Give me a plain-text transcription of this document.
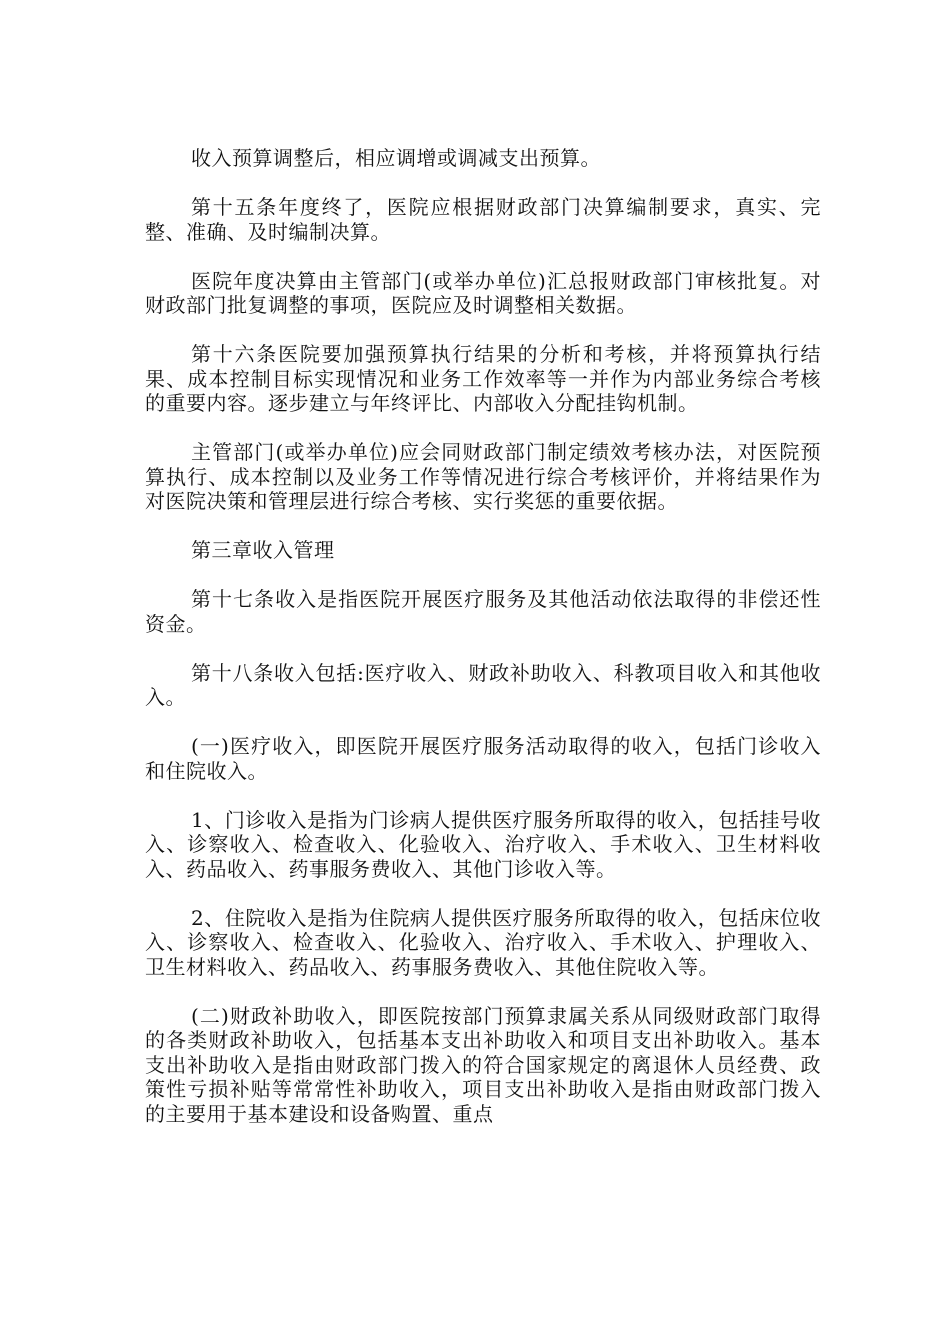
收入预算调整后，相应调增或调减支出预算。

第十五条年度终了，医院应根据财政部门决算编制要求，真实、完整、准确、及时编制决算。

医院年度决算由主管部门(或举办单位)汇总报财政部门审核批复。对财政部门批复调整的事项，医院应及时调整相关数据。

第十六条医院要加强预算执行结果的分析和考核，并将预算执行结果、成本控制目标实现情况和业务工作效率等一并作为内部业务综合考核的重要内容。逐步建立与年终评比、内部收入分配挂钩机制。

主管部门(或举办单位)应会同财政部门制定绩效考核办法，对医院预算执行、成本控制以及业务工作等情况进行综合考核评价，并将结果作为对医院决策和管理层进行综合考核、实行奖惩的重要依据。

第三章收入管理

第十七条收入是指医院开展医疗服务及其他活动依法取得的非偿还性资金。

第十八条收入包括:医疗收入、财政补助收入、科教项目收入和其他收入。

(一)医疗收入，即医院开展医疗服务活动取得的收入，包括门诊收入和住院收入。

1、门诊收入是指为门诊病人提供医疗服务所取得的收入，包括挂号收入、诊察收入、检查收入、化验收入、治疗收入、手术收入、卫生材料收入、药品收入、药事服务费收入、其他门诊收入等。

2、住院收入是指为住院病人提供医疗服务所取得的收入，包括床位收入、诊察收入、检查收入、化验收入、治疗收入、手术收入、护理收入、卫生材料收入、药品收入、药事服务费收入、其他住院收入等。

(二)财政补助收入，即医院按部门预算隶属关系从同级财政部门取得的各类财政补助收入，包括基本支出补助收入和项目支出补助收入。基本支出补助收入是指由财政部门拨入的符合国家规定的离退休人员经费、政策性亏损补贴等常常性补助收入，项目支出补助收入是指由财政部门拨入的主要用于基本建设和设备购置、重点
